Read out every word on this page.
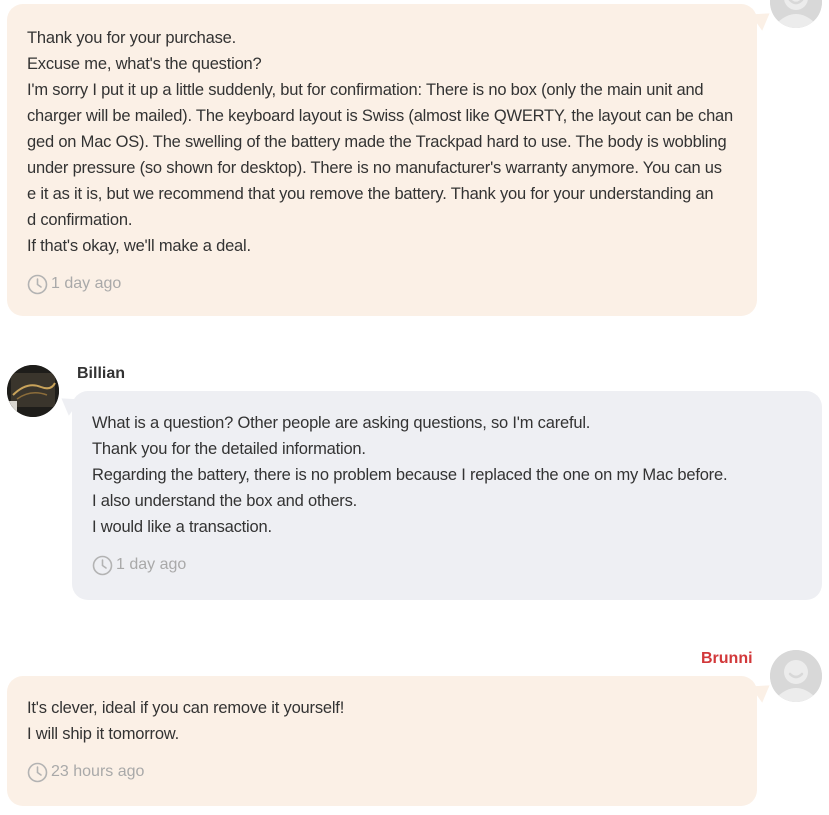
Thank you for your purchase.
Excuse me, what's the question?
I'm sorry I put it up a little suddenly, but for confirmation: There is no box (only the main unit and
charger will be mailed). The keyboard layout is Swiss (almost like QWERTY, the layout can be chan
ged on Mac OS). The swelling of the battery made the Trackpad hard to use. The body is wobbling
under pressure (so shown for desktop). There is no manufacturer's warranty anymore. You can us
e it as it is, but we recommend that you remove the battery. Thank you for your understanding an
d confirmation.
If that's okay, we'll make a deal.
1 day ago
Billian
What is a question? Other people are asking questions, so I'm careful.
Thank you for the detailed information.
Regarding the battery, there is no problem because I replaced the one on my Mac before.
I also understand the box and others.
I would like a transaction.
1 day ago
Brunni
It's clever, ideal if you can remove it yourself!
I will ship it tomorrow.
23 hours ago
